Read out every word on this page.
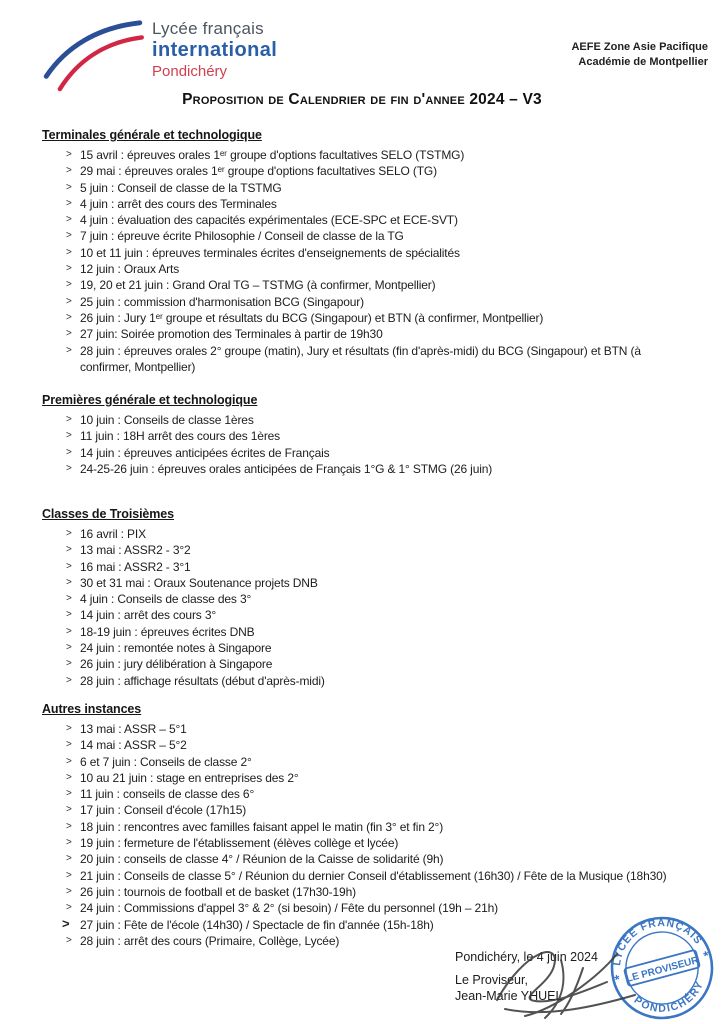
Lycée français
international
Pondichéry
AEFE Zone Asie Pacifique
Académie de Montpellier
Proposition de Calendrier de fin d'annee 2024 – V3
Terminales générale et technologique
> 15 avril : épreuves orales 1ᵉʳ groupe d'options facultatives SELO (TSTMG)
> 29 mai : épreuves orales 1ᵉʳ groupe d'options facultatives SELO (TG)
> 5 juin : Conseil de classe de la TSTMG
> 4 juin : arrêt des cours des Terminales
> 4 juin : évaluation des capacités expérimentales (ECE-SPC et ECE-SVT)
> 7 juin : épreuve écrite Philosophie / Conseil de classe de la TG
> 10 et 11 juin : épreuves terminales écrites d'enseignements de spécialités
> 12 juin : Oraux Arts
> 19, 20 et 21 juin : Grand Oral TG – TSTMG (à confirmer, Montpellier)
> 25 juin : commission d'harmonisation BCG (Singapour)
> 26 juin : Jury 1ᵉʳ groupe et résultats du BCG (Singapour) et BTN (à confirmer, Montpellier)
> 27 juin: Soirée promotion des Terminales à partir de 19h30
> 28 juin : épreuves orales 2° groupe (matin), Jury et résultats (fin d'après-midi) du BCG (Singapour) et BTN (à confirmer, Montpellier)
Premières générale et technologique
> 10 juin : Conseils de classe 1ères
> 11 juin : 18H arrêt des cours des 1ères
> 14 juin : épreuves anticipées écrites de Français
> 24-25-26 juin : épreuves orales anticipées de Français 1°G & 1° STMG (26 juin)
Classes de Troisièmes
> 16 avril : PIX
> 13 mai : ASSR2 - 3°2
> 16 mai : ASSR2 - 3°1
> 30 et 31 mai : Oraux Soutenance projets DNB
> 4 juin : Conseils de classe des 3°
> 14 juin : arrêt des cours 3°
> 18-19 juin : épreuves écrites DNB
> 24 juin : remontée notes à Singapore
> 26 juin : jury délibération à Singapore
> 28 juin : affichage résultats (début d'après-midi)
Autres instances
> 13 mai : ASSR – 5°1
> 14 mai : ASSR – 5°2
> 6 et 7 juin : Conseils de classe 2°
> 10 au 21 juin : stage en entreprises des 2°
> 11 juin : conseils de classe des 6°
> 17 juin : Conseil d'école (17h15)
> 18 juin : rencontres avec familles faisant appel le matin (fin 3° et fin 2°)
> 19 juin : fermeture de l'établissement (élèves collège et lycée)
> 20 juin : conseils de classe 4° / Réunion de la Caisse de solidarité (9h)
> 21 juin : Conseils de classe 5° / Réunion du dernier Conseil d'établissement (16h30) / Fête de la Musique (18h30)
> 26 juin : tournois de football et de basket (17h30-19h)
> 24 juin : Commissions d'appel 3° & 2° (si besoin) / Fête du personnel (19h – 21h)
> 27 juin : Fête de l'école (14h30) / Spectacle de fin d'année (15h-18h)
> 28 juin : arrêt des cours (Primaire, Collège, Lycée)
Pondichéry, le 4 juin 2024
Le Proviseur,
Jean-Marie YHUEL
LYCÉE FRANÇAIS
PONDICHÉRY
LE PROVISEUR
*
*
